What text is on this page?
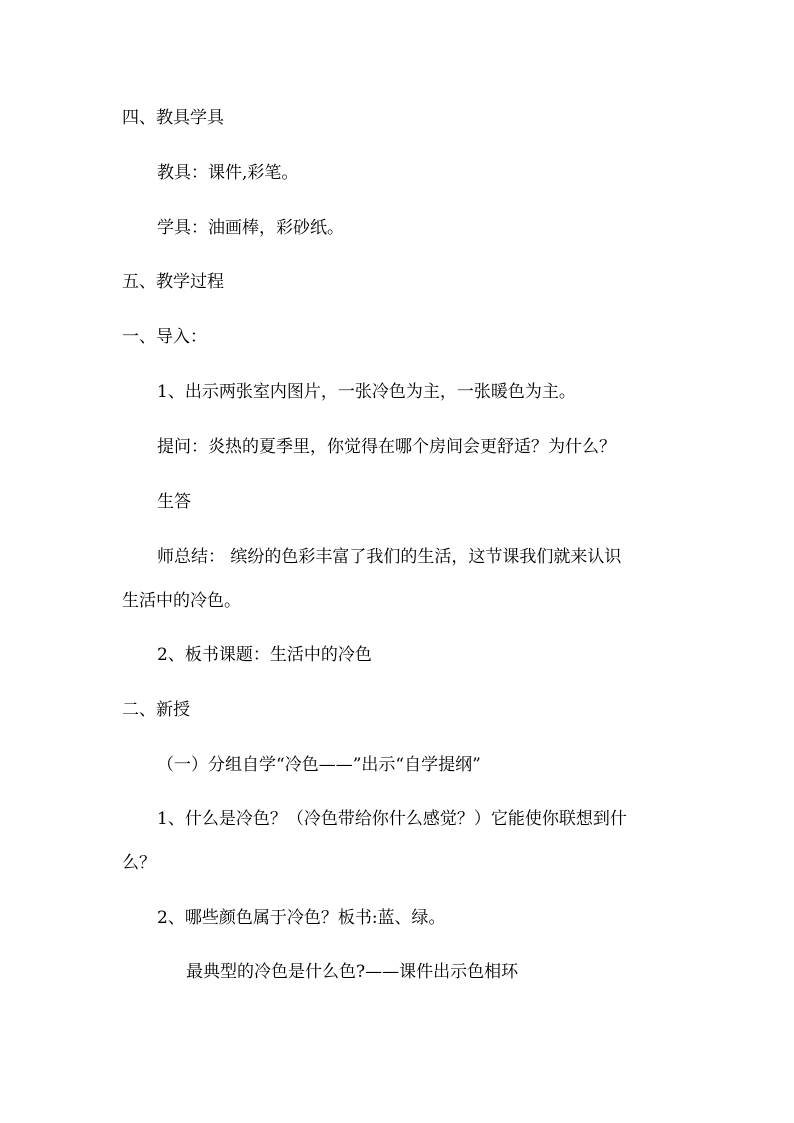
四、教具学具
教具：课件,彩笔。
学具：油画棒，彩砂纸。
五、教学过程
一、导入：
1、出示两张室内图片，一张冷色为主，一张暖色为主。
提问：炎热的夏季里，你觉得在哪个房间会更舒适？为什么？
生答
师总结： 缤纷的色彩丰富了我们的生活，这节课我们就来认识
生活中的冷色。
2、板书课题：生活中的冷色
二、新授
（一）分组自学“冷色——”出示“自学提纲”
1、什么是冷色？（冷色带给你什么感觉？）它能使你联想到什
么？
2、哪些颜色属于冷色？板书:蓝、绿。
最典型的冷色是什么色?——课件出示色相环
